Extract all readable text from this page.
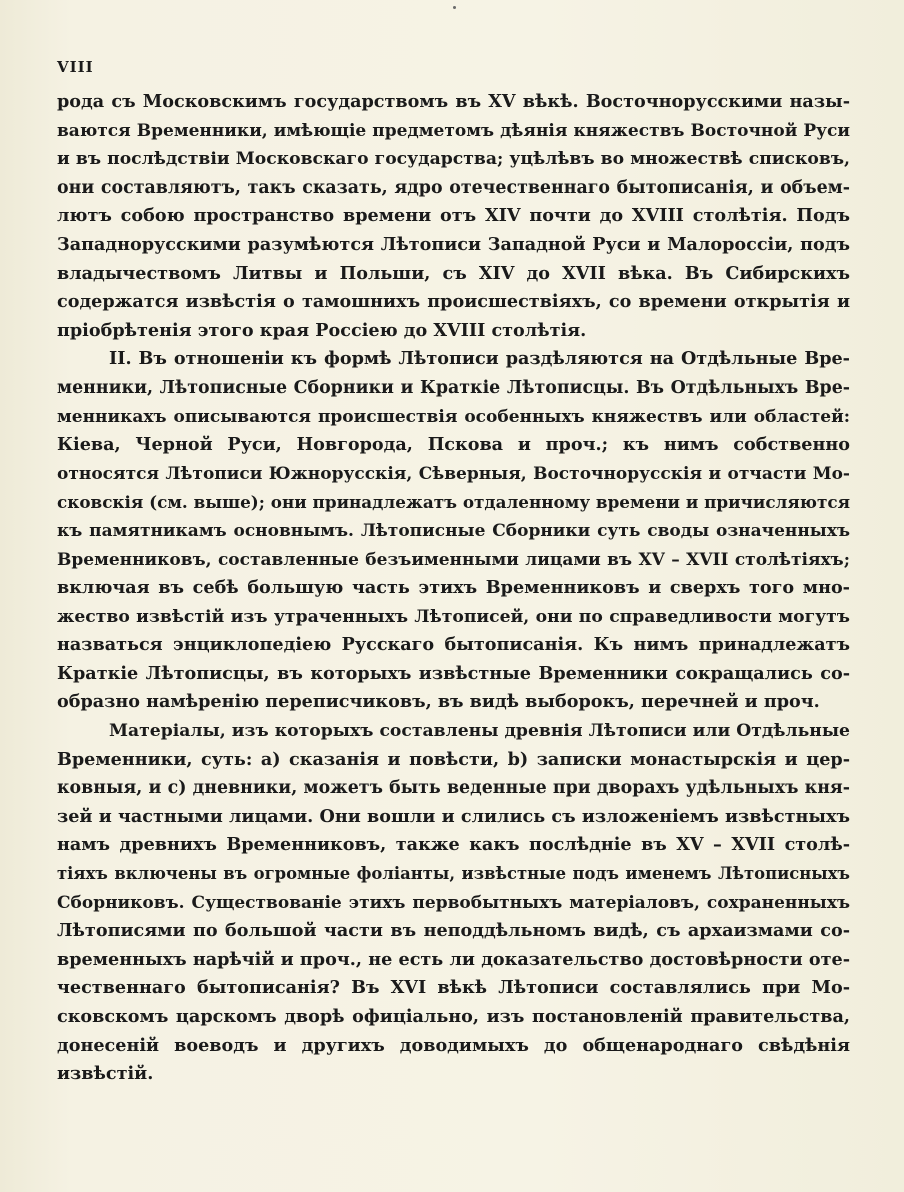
VIII
рода съ Московскимъ государствомъ въ XV вѣкѣ. Восточнорусскими назы-
ваются Временники, имѣющіе предметомъ дѣянія княжествъ Восточной Руси
и въ послѣдствіи Московскаго государства; уцѣлѣвъ во множествѣ списковъ,
они составляютъ, такъ сказать, ядро отечественнаго бытописанія, и объем-
лютъ собою пространство времени отъ XIV почти до XVIII столѣтія. Подъ
Западнорусскими разумѣются Лѣтописи Западной Руси и Малороссіи, подъ
владычествомъ Литвы и Польши, съ XIV до XVII вѣка. Въ Сибирскихъ
содержатся извѣстія о тамошнихъ происшествіяхъ, со времени открытія и
пріобрѣтенія этого края Россіею до XVIII столѣтія.
II. Въ отношеніи къ формѣ Лѣтописи раздѣляются на Отдѣльные Вре-
менники, Лѣтописные Сборники и Краткіе Лѣтописцы. Въ Отдѣльныхъ Вре-
менникахъ описываются происшествія особенныхъ княжествъ или областей:
Кіева, Черной Руси, Новгорода, Пскова и проч.; къ нимъ собственно
относятся Лѣтописи Южнорусскія, Сѣверныя, Восточнорусскія и отчасти Мо-
сковскія (см. выше); они принадлежатъ отдаленному времени и причисляются
къ памятникамъ основнымъ. Лѣтописные Сборники суть своды означенныхъ
Временниковъ, составленные безъименными лицами въ XV – XVII столѣтіяхъ;
включая въ себѣ большую часть этихъ Временниковъ и сверхъ того мно-
жество извѣстій изъ утраченныхъ Лѣтописей, они по справедливости могутъ
назваться энциклопедіею Русскаго бытописанія. Къ нимъ принадлежатъ
Краткіе Лѣтописцы, въ которыхъ извѣстные Временники сокращались со-
образно намѣренію переписчиковъ, въ видѣ выборокъ, перечней и проч.
Матеріалы, изъ которыхъ составлены древнія Лѣтописи или Отдѣльные
Временники, суть: а) сказанія и повѣсти, b) записки монастырскія и цер-
ковныя, и с) дневники, можетъ быть веденные при дворахъ удѣльныхъ кня-
зей и частными лицами. Они вошли и слились съ изложеніемъ извѣстныхъ
намъ древнихъ Временниковъ, также какъ послѣдніе въ XV – XVII столѣ-
тіяхъ включены въ огромные фоліанты, извѣстные подъ именемъ Лѣтописныхъ
Сборниковъ. Существованіе этихъ первобытныхъ матеріаловъ, сохраненныхъ
Лѣтописями по большой части въ неподдѣльномъ видѣ, съ архаизмами со-
временныхъ нарѣчій и проч., не есть ли доказательство достовѣрности оте-
чественнаго бытописанія? Въ XVI вѣкѣ Лѣтописи составлялись при Мо-
сковскомъ царскомъ дворѣ офиціально, изъ постановленій правительства,
донесеній воеводъ и другихъ доводимыхъ до общенароднаго свѣдѣнія
извѣстій.
